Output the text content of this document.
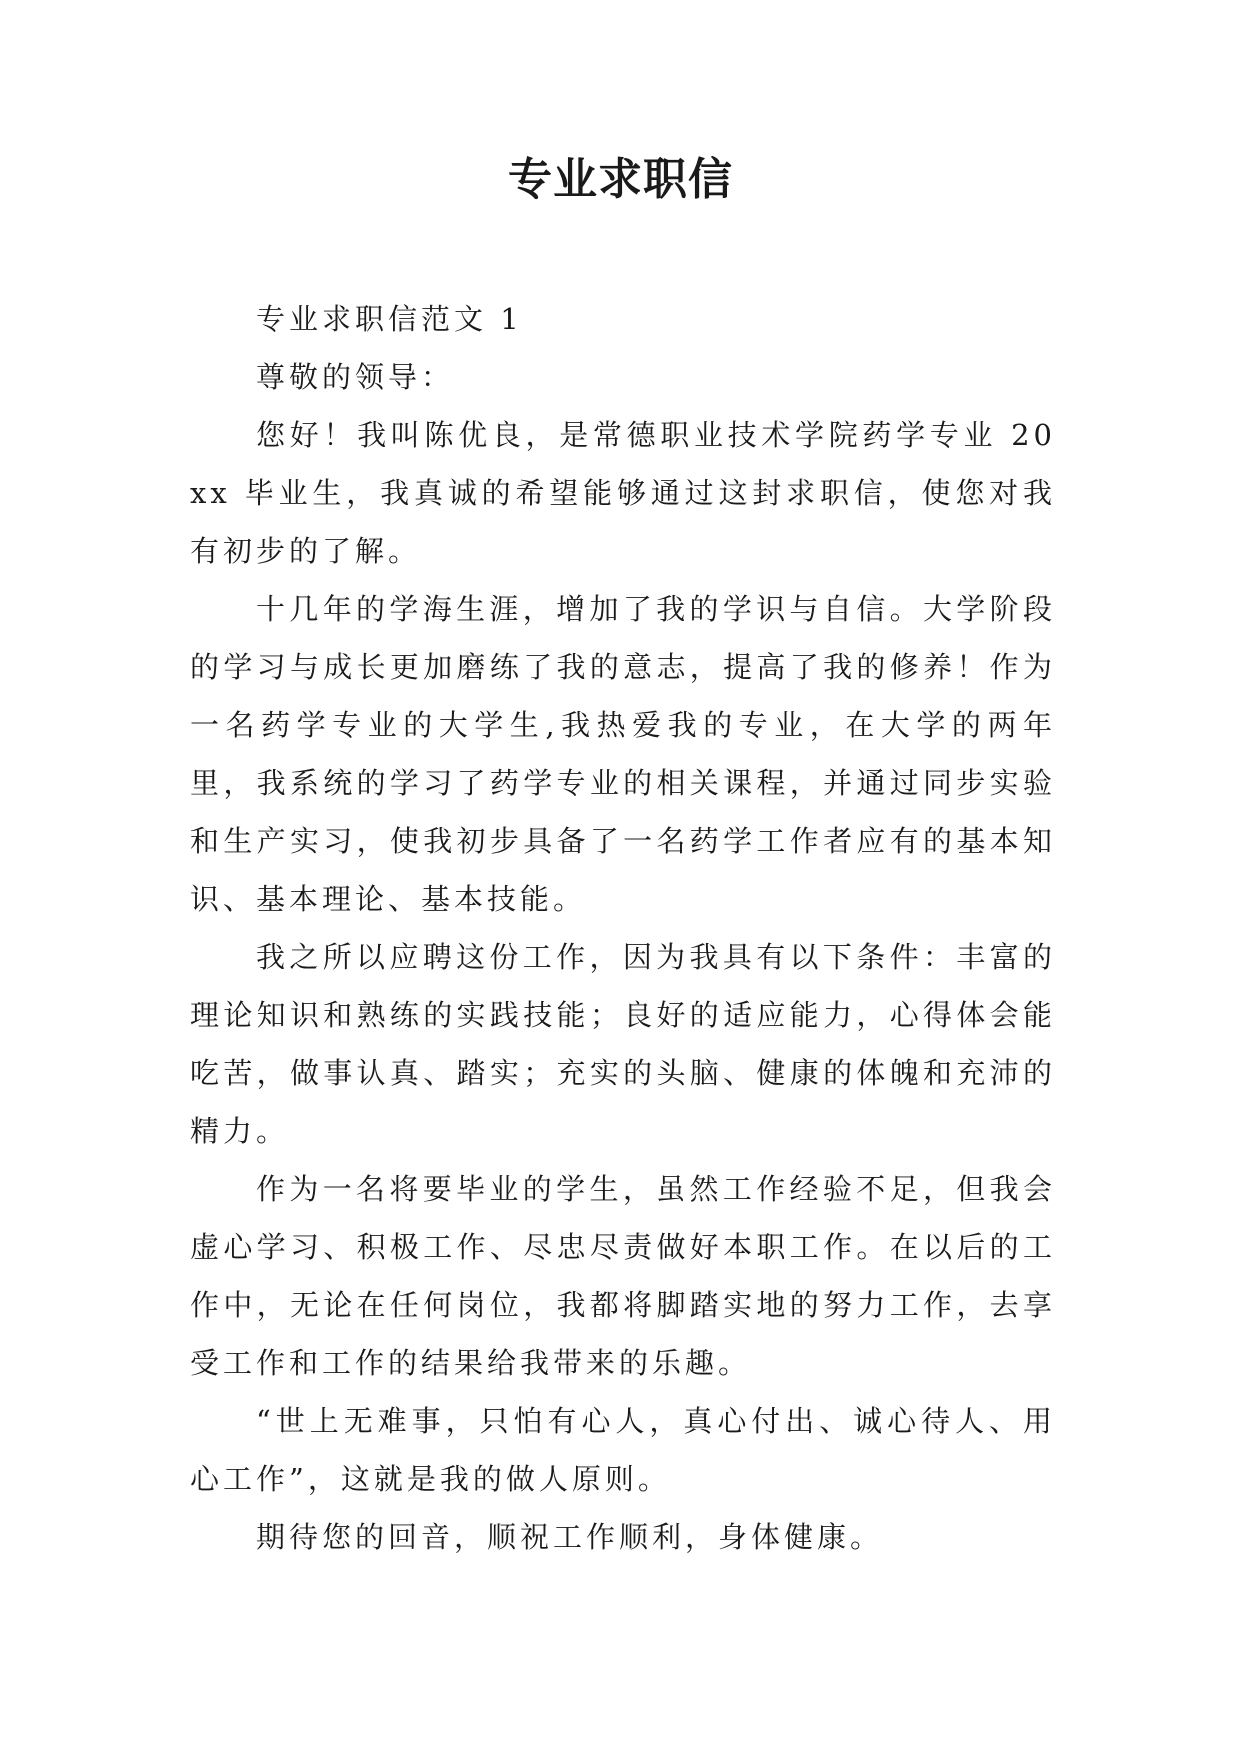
专业求职信

专业求职信范文 1

尊敬的领导：

您好！我叫陈优良，是常德职业技术学院药学专业 20xx 毕业生，我真诚的希望能够通过这封求职信，使您对我有初步的了解。

十几年的学海生涯，增加了我的学识与自信。大学阶段的学习与成长更加磨练了我的意志，提高了我的修养！作为一名药学专业的大学生,我热爱我的专业，在大学的两年里，我系统的学习了药学专业的相关课程，并通过同步实验和生产实习，使我初步具备了一名药学工作者应有的基本知识、基本理论、基本技能。

我之所以应聘这份工作，因为我具有以下条件：丰富的理论知识和熟练的实践技能；良好的适应能力，心得体会能吃苦，做事认真、踏实；充实的头脑、健康的体魄和充沛的精力。

作为一名将要毕业的学生，虽然工作经验不足，但我会虚心学习、积极工作、尽忠尽责做好本职工作。在以后的工作中，无论在任何岗位，我都将脚踏实地的努力工作，去享受工作和工作的结果给我带来的乐趣。

“世上无难事，只怕有心人，真心付出、诚心待人、用心工作”，这就是我的做人原则。

期待您的回音，顺祝工作顺利，身体健康。
